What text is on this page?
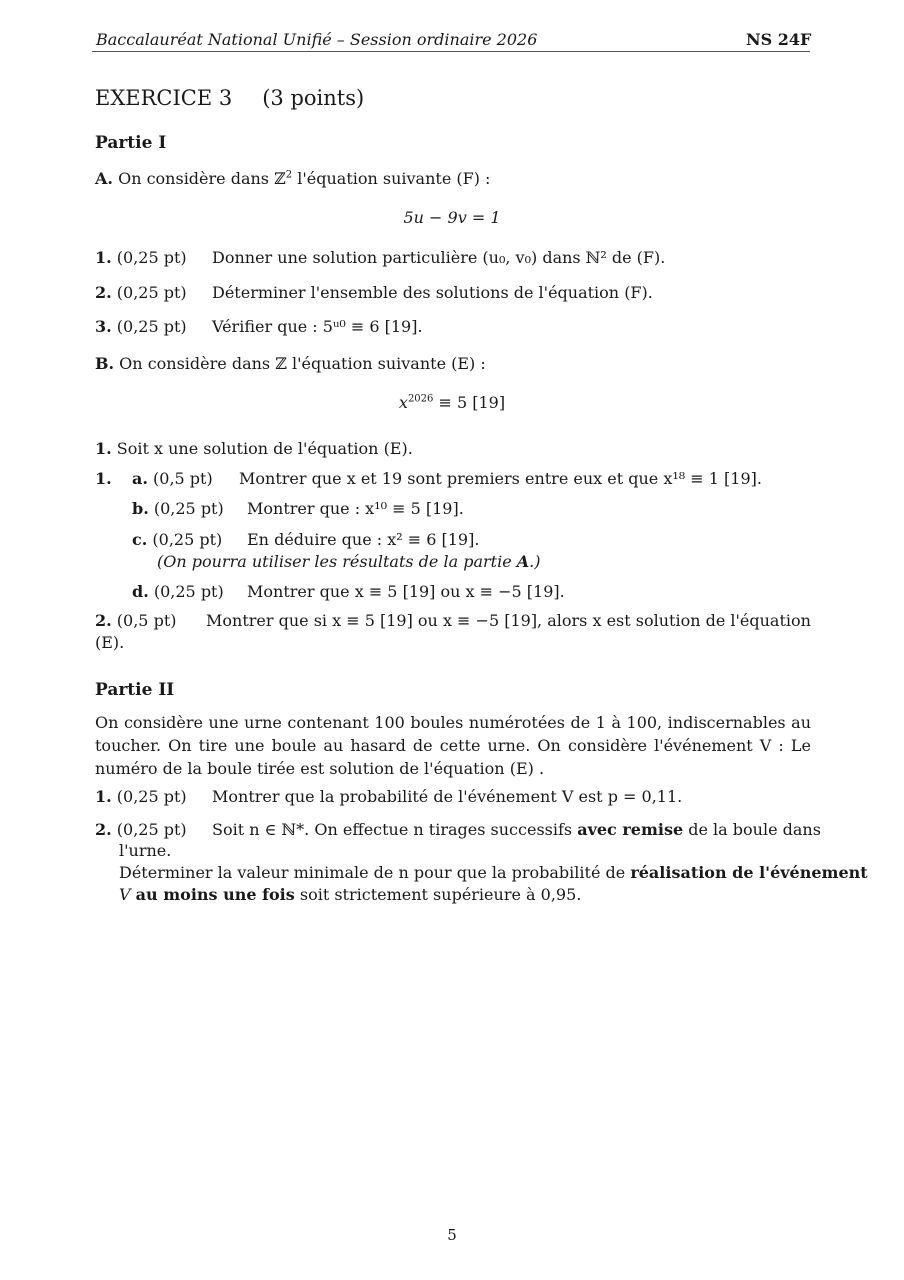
Baccalauréat National Unifié – Session ordinaire 2026	NS 24F
EXERCICE 3 (3 points)
Partie I
A. On considère dans ℤ$^2$ l'équation suivante (F) :
5u − 9v = 1
1. (0,25 pt) Donner une solution particulière (u₀, v₀) dans ℕ² de (F).
2. (0,25 pt) Déterminer l'ensemble des solutions de l'équation (F).
3. (0,25 pt) Vérifier que : 5ᵘ⁰ ≡ 6 [19].
B. On considère dans ℤ l'équation suivante (E) :
$x^{2026} \equiv 5$ [19]
1. Soit x une solution de l'équation (E).
1. a. (0,5 pt) Montrer que x et 19 sont premiers entre eux et que x¹⁸ ≡ 1 [19].
b. (0,25 pt) Montrer que : x¹⁰ ≡ 5 [19].
c. (0,25 pt) En déduire que : x² ≡ 6 [19].
(On pourra utiliser les résultats de la partie A.)
d. (0,25 pt) Montrer que x ≡ 5 [19] ou x ≡ −5 [19].
2. (0,5 pt) Montrer que si x ≡ 5 [19] ou x ≡ −5 [19], alors x est solution de l'équation
(E).
Partie II
On considère une urne contenant 100 boules numérotées de 1 à 100, indiscernables au toucher. On tire une boule au hasard de cette urne. On considère l'événement V : Le numéro de la boule tirée est solution de l'équation (E) .
1. (0,25 pt) Montrer que la probabilité de l'événement V est p = 0,11.
2. (0,25 pt) Soit n ∈ ℕ*. On effectue n tirages successifs avec remise de la boule dans
l'urne.
Déterminer la valeur minimale de n pour que la probabilité de réalisation de l'événement
V au moins une fois soit strictement supérieure à 0,95.
5
